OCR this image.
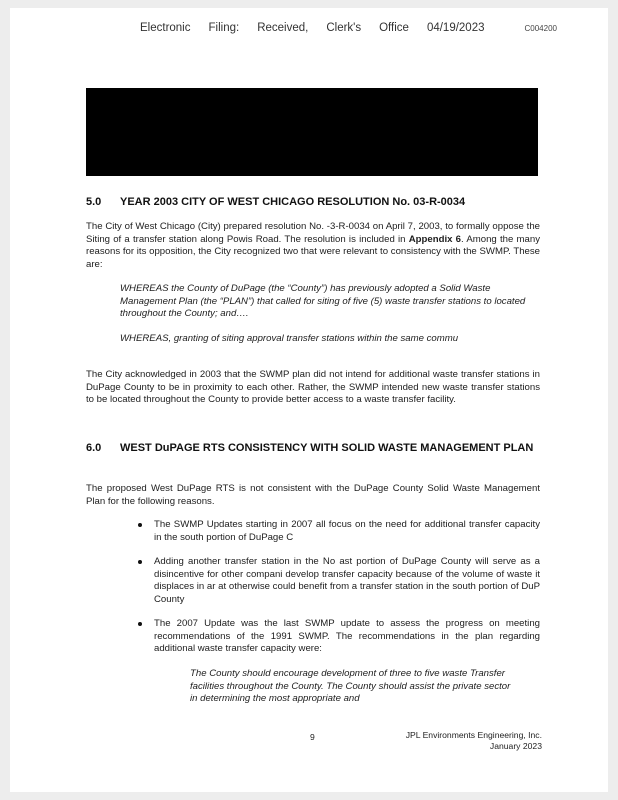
Electronic Filing: Received, Clerk's Office 04/19/2023	C004200
5.0 YEAR 2003 CITY OF WEST CHICAGO RESOLUTION No. 03-R-0034
The City of West Chicago (City) prepared resolution No. -3-R-0034 on April 7, 2003, to formally oppose the Siting of a transfer station along Powis Road. The resolution is included in Appendix 6. Among the many reasons for its opposition, the City recognized two that were relevant to consistency with the SWMP. These are:
WHEREAS the County of DuPage (the “County”) has previously adopted a Solid Waste Management Plan (the “PLAN”) that called for siting of five (5) waste transfer stations to located throughout the County; and….
WHEREAS, granting of siting approval transfer stations within the same commu
The City acknowledged in 2003 that the SWMP plan did not intend for additional waste transfer stations in DuPage County to be in proximity to each other. Rather, the SWMP intended new waste transfer stations to be located throughout the County to provide better access to a waste transfer facility.
6.0 WEST DuPAGE RTS CONSISTENCY WITH SOLID WASTE MANAGEMENT PLAN
The proposed West DuPage RTS is not consistent with the DuPage County Solid Waste Management Plan for the following reasons.
The SWMP Updates starting in 2007 all focus on the need for additional transfer capacity in the south portion of DuPage C
Adding another transfer station in the No ast portion of DuPage County will serve as a disincentive for other compani develop transfer capacity because of the volume of waste it displaces in ar at otherwise could benefit from a transfer station in the south portion of DuP County
The 2007 Update was the last SWMP update to assess the progress on meeting recommendations of the 1991 SWMP. The recommendations in the plan regarding additional waste transfer capacity were:
The County should encourage development of three to five waste Transfer facilities throughout the County. The County should assist the private sector in determining the most appropriate and
9	JPL Environments Engineering, Inc.
January 2023
